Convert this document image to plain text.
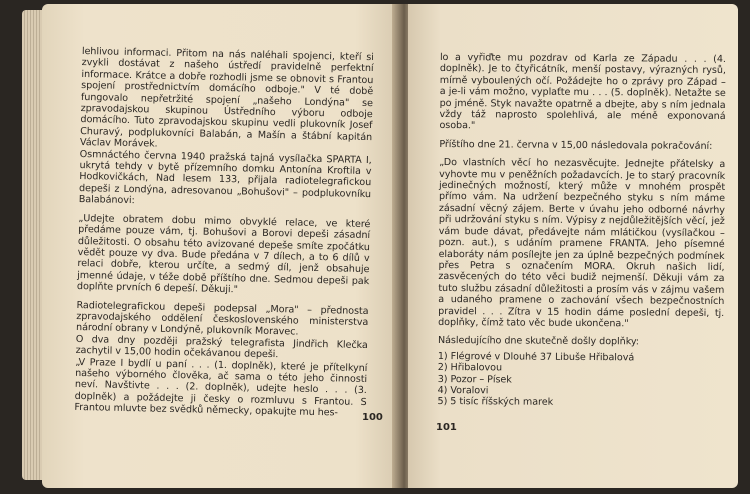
lehlivou informaci. Přitom na nás naléhali spojenci, kteří si zvykli dostávat z našeho ústředí pravidelně perfektní informace. Krátce a dobře rozhodli jsme se obnovit s Frantou spojení prostřednictvím domácího odboje." V té době fungovalo nepřetržité spojení „našeho Londýna" se zpravodajskou skupinou Ústředního výboru odboje domácího. Tuto zpravodajskou skupinu vedli plukovník Josef Churavý, podplukovníci Balabán, a Mašín a štábní kapitán Václav Morávek.

Osmnáctého června 1940 pražská tajná vysílačka SPARTA I, ukrytá tehdy v bytě přízemního domku Antonína Kroftila v Hodkovičkách, Nad lesem 133, přijala radiotelegrafickou depeši z Londýna, adresovanou „Bohušovi" – podplukovníku Balabánovi:

„Udejte obratem dobu mimo obvyklé relace, ve které předáme pouze vám, tj. Bohušovi a Borovi depeši zásadní důležitosti. O obsahu této avizované depeše smíte zpočátku vědět pouze vy dva. Bude předána v 7 dílech, a to 6 dílů v relaci dobře, kterou určíte, a sedmý díl, jenž obsahuje jmenné údaje, v téže době příštího dne. Sedmou depeši pak doplňte prvních 6 depeší. Děkuji."

Radiotelegrafickou depeši podepsal „Mora" – přednosta zpravodajského oddělení československého ministerstva národní obrany v Londýně, plukovník Moravec.

O dva dny později pražský telegrafista Jindřich Klečka zachytil v 15,00 hodin očekávanou depeši.

„V Praze I bydlí u paní . . . (1. doplněk), které je přítelkyní našeho výborného člověka, ač sama o této jeho činnosti neví. Navštivte . . . (2. doplněk), udejte heslo . . . (3. doplněk) a požádejte ji česky o rozmluvu s Frantou. S Frantou mluvte bez svědků německy, opakujte mu hes-	100

lo a vyřiďte mu pozdrav od Karla ze Západu . . . (4. doplněk). Je to čtyřicátník, menší postavy, výrazných rysů, mírně vyboulených očí. Požádejte ho o zprávy pro Západ – a je-li vám možno, vyplaťte mu . . . (5. doplněk). Netažte se po jméně. Styk navažte opatrně a dbejte, aby s ním jednala vždy táž naprosto spolehlivá, ale méně exponovaná osoba."

Příštího dne 21. června v 15,00 následovala pokračování:

„Do vlastních věcí ho nezasvěcujte. Jednejte přátelsky a vyhovte mu v peněžních požadavcích. Je to starý pracovník jedinečných možností, který může v mnohém prospět přímo vám. Na udržení bezpečného styku s ním máme zásadní věcný zájem. Berte v úvahu jeho odborné návrhy při udržování styku s ním. Výpisy z nejdůležitějších věcí, jež vám bude dávat, předávejte nám mlátičkou (vysílačkou – pozn. aut.), s udáním pramene FRANTA. Jeho písemné elaboráty nám posílejte jen za úplně bezpečných podmínek přes Petra s označením MORA. Okruh našich lidí, zasvěcených do této věci budiž nejmenší. Děkuji vám za tuto službu zásadní důležitosti a prosím vás v zájmu vašem a udaného pramene o zachování všech bezpečnostních pravidel . . . Zítra v 15 hodin dáme poslední depeši, tj. doplňky, čímž tato věc bude ukončena."

Následujícího dne skutečně došly doplňky:

1) Flégrové v Dlouhé 37 Libuše Hřibalová
2) Hřibalovou
3) Pozor – Písek
4) Voralovi
5) 5 tisíc říšských marek
101
